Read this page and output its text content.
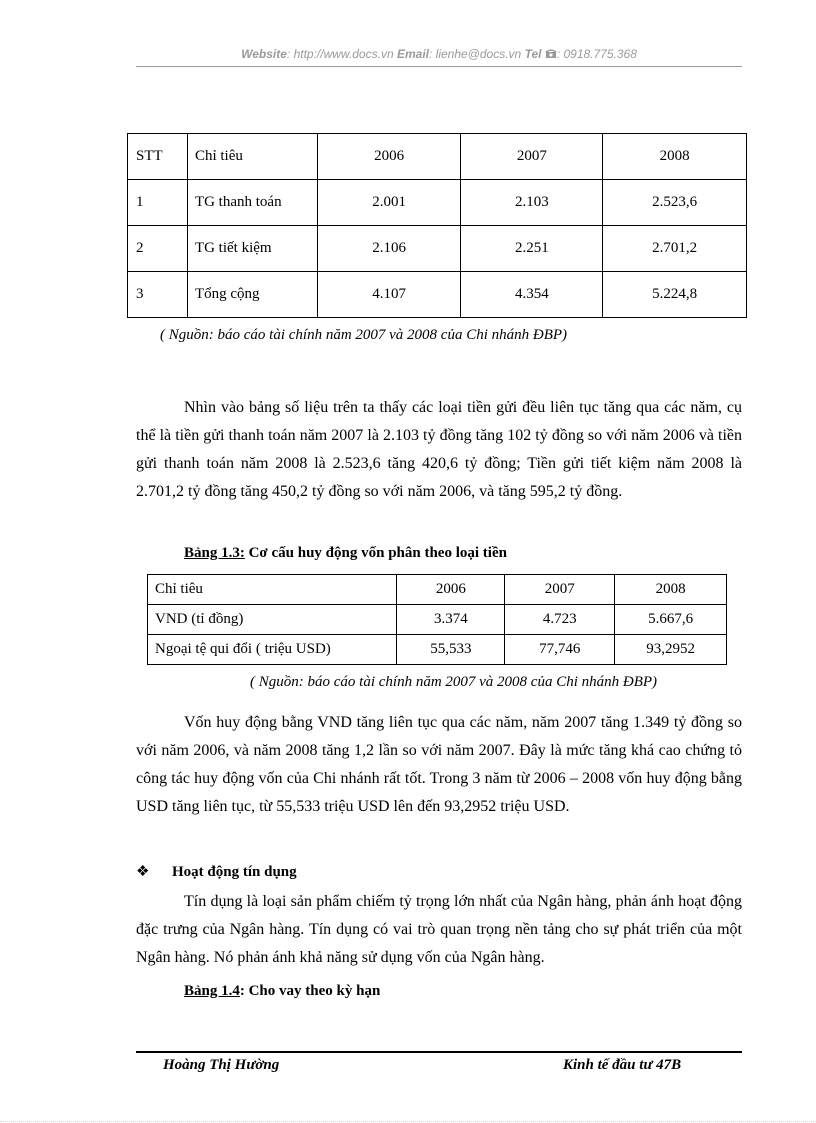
Website: http://www.docs.vn Email: lienhe@docs.vn Tel : 0918.775.368
STT	Chỉ tiêu	2006	2007	2008
1	TG thanh toán	2.001	2.103	2.523,6
2	TG tiết kiệm	2.106	2.251	2.701,2
3	Tổng cộng	4.107	4.354	5.224,8
( Nguồn: báo cáo tài chính năm 2007 và 2008 của Chi nhánh ĐBP)
Nhìn vào bảng số liệu trên ta thấy các loại tiền gửi đều liên tục tăng qua các năm, cụ thể là tiền gửi thanh toán năm 2007 là 2.103 tỷ đồng tăng 102 tỷ đồng so với năm 2006 và tiền gửi thanh toán năm 2008 là 2.523,6 tăng 420,6 tỷ đồng; Tiền gửi tiết kiệm năm 2008 là 2.701,2 tỷ đồng tăng 450,2 tỷ đồng so với năm 2006, và tăng 595,2 tỷ đồng.
Bảng 1.3: Cơ cấu huy động vốn phân theo loại tiền
Chỉ tiêu	2006	2007	2008
VND (tỉ đồng)	3.374	4.723	5.667,6
Ngoại tệ qui đổi ( triệu USD)	55,533	77,746	93,2952
( Nguồn: báo cáo tài chính năm 2007 và 2008 của Chi nhánh ĐBP)
Vốn huy động bằng VND tăng liên tục qua các năm, năm 2007 tăng 1.349 tỷ đồng so với năm 2006, và năm 2008 tăng 1,2 lần so với năm 2007. Đây là mức tăng khá cao chứng tỏ công tác huy động vốn của Chi nhánh rất tốt. Trong 3 năm từ 2006 – 2008 vốn huy động bằng USD tăng liên tục, từ 55,533 triệu USD lên đến 93,2952 triệu USD.
❖ Hoạt động tín dụng
Tín dụng là loại sản phẩm chiếm tỷ trọng lớn nhất của Ngân hàng, phản ánh hoạt động đặc trưng của Ngân hàng. Tín dụng có vai trò quan trọng nền tảng cho sự phát triển của một Ngân hàng. Nó phản ánh khả năng sử dụng vốn của Ngân hàng.
Bảng 1.4: Cho vay theo kỳ hạn
Hoàng Thị Hường	Kinh tế đầu tư 47B
